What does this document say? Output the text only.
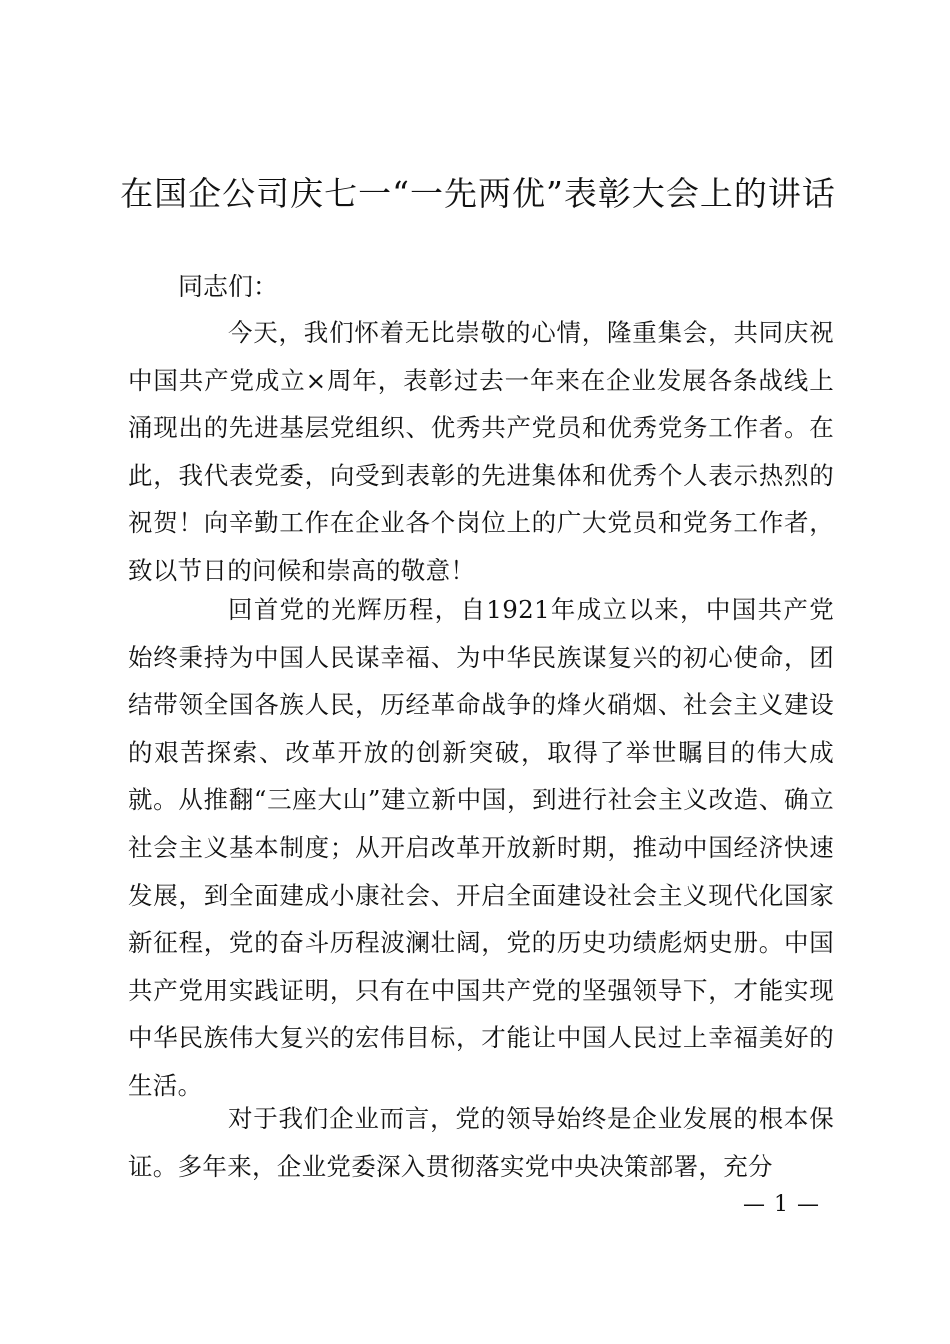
在国企公司庆七一“一先两优”表彰大会上的讲话

同志们：

今天，我们怀着无比崇敬的心情，隆重集会，共同庆祝中国共产党成立×周年，表彰过去一年来在企业发展各条战线上涌现出的先进基层党组织、优秀共产党员和优秀党务工作者。在此，我代表党委，向受到表彰的先进集体和优秀个人表示热烈的祝贺！向辛勤工作在企业各个岗位上的广大党员和党务工作者，致以节日的问候和崇高的敬意！

回首党的光辉历程，自1921年成立以来，中国共产党始终秉持为中国人民谋幸福、为中华民族谋复兴的初心使命，团结带领全国各族人民，历经革命战争的烽火硝烟、社会主义建设的艰苦探索、改革开放的创新突破，取得了举世瞩目的伟大成就。从推翻“三座大山”建立新中国，到进行社会主义改造、确立社会主义基本制度；从开启改革开放新时期，推动中国经济快速发展，到全面建成小康社会、开启全面建设社会主义现代化国家新征程，党的奋斗历程波澜壮阔，党的历史功绩彪炳史册。中国共产党用实践证明，只有在中国共产党的坚强领导下，才能实现中华民族伟大复兴的宏伟目标，才能让中国人民过上幸福美好的生活。

对于我们企业而言，党的领导始终是企业发展的根本保证。多年来，企业党委深入贯彻落实党中央决策部署，充分

— 1 —
